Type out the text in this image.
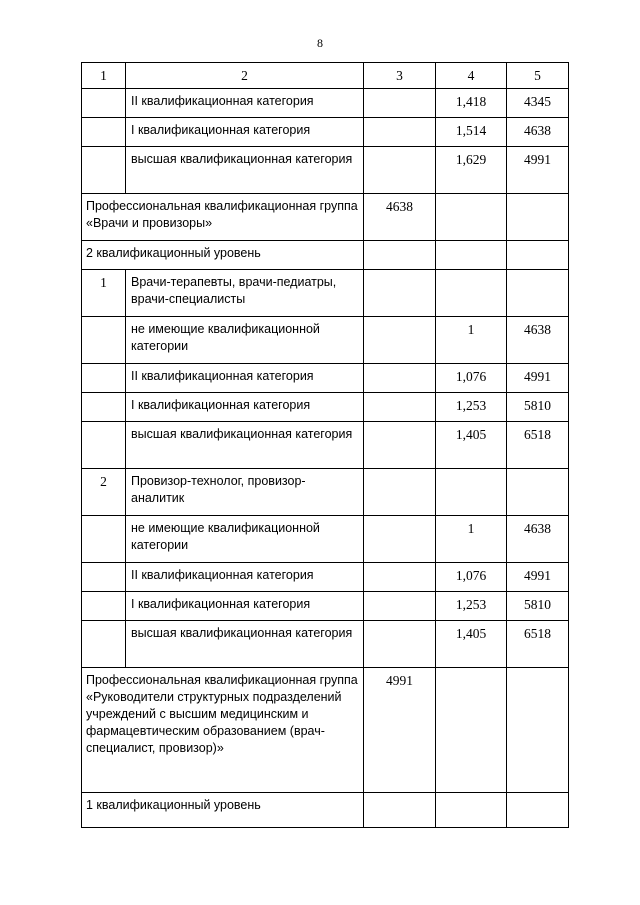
8
1	2	3	4	5
	II квалификационная категория		1,418	4345
	I квалификационная категория		1,514	4638
	высшая квалификационная категория		1,629	4991
Профессиональная квалификационная группа «Врачи и провизоры»		4638		
2 квалификационный уровень				
1	Врачи-терапевты, врачи-педиатры, врачи-специалисты			
	не имеющие квалификационной категории		1	4638
	II квалификационная категория		1,076	4991
	I квалификационная категория		1,253	5810
	высшая квалификационная категория		1,405	6518
2	Провизор-технолог, провизор-аналитик			
	не имеющие квалификационной категории		1	4638
	II квалификационная категория		1,076	4991
	I квалификационная категория		1,253	5810
	высшая квалификационная категория		1,405	6518
Профессиональная квалификационная группа «Руководители структурных подразделений учреждений с высшим медицинским и фармацевтическим образованием (врач-специалист, провизор)»		4991		
1 квалификационный уровень				
